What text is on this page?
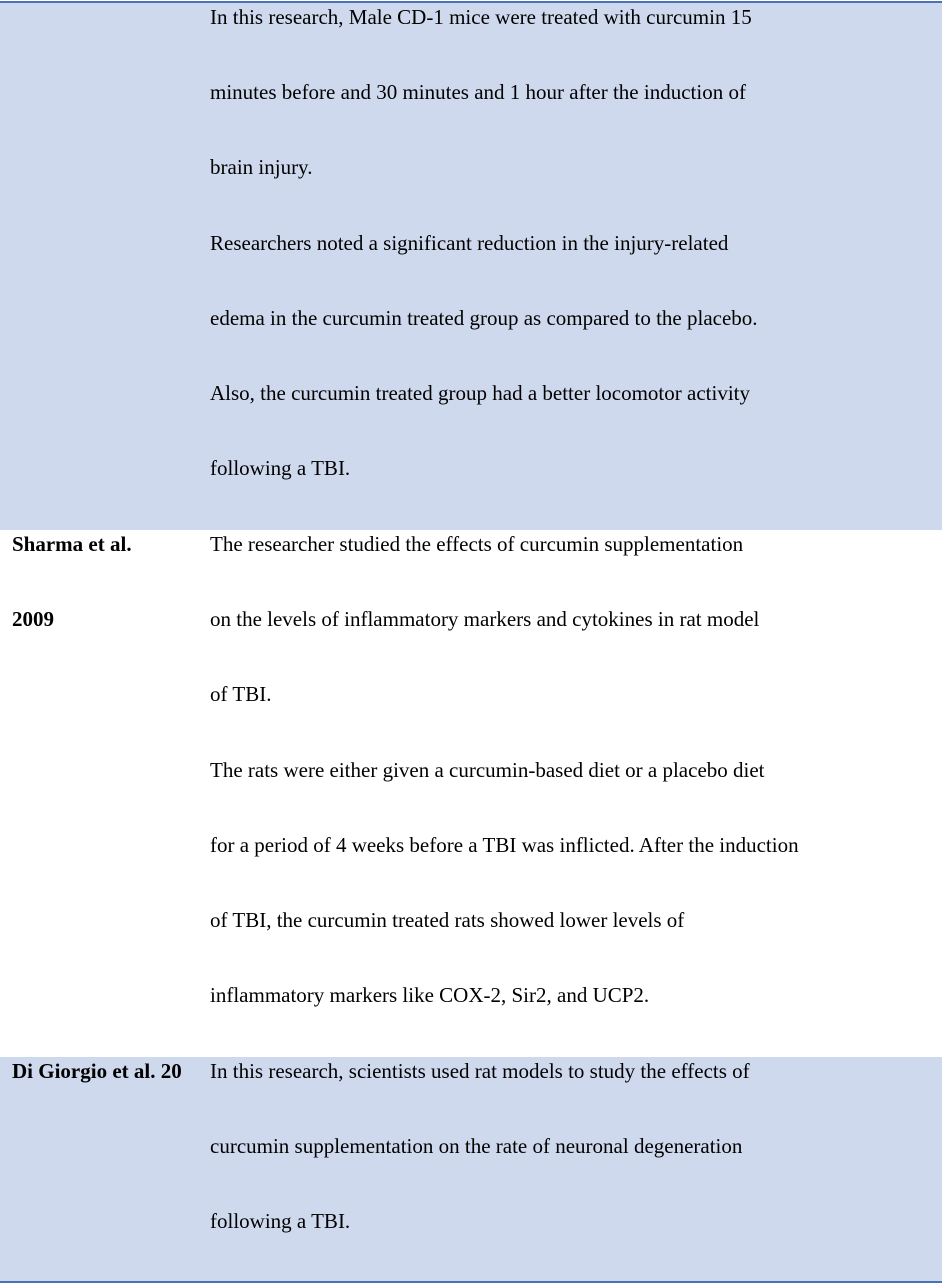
In this research, Male CD-1 mice were treated with curcumin 15
minutes before and 30 minutes and 1 hour after the induction of
brain injury.
Researchers noted a significant reduction in the injury-related
edema in the curcumin treated group as compared to the placebo.
Also, the curcumin treated group had a better locomotor activity
following a TBI.
Sharma et al.
2009
The researcher studied the effects of curcumin supplementation
on the levels of inflammatory markers and cytokines in rat model
of TBI.
The rats were either given a curcumin-based diet or a placebo diet
for a period of 4 weeks before a TBI was inflicted. After the induction
of TBI, the curcumin treated rats showed lower levels of
inflammatory markers like COX-2, Sir2, and UCP2.
Di Giorgio et al. 20	In this research, scientists used rat models to study the effects of
curcumin supplementation on the rate of neuronal degeneration
following a TBI.
